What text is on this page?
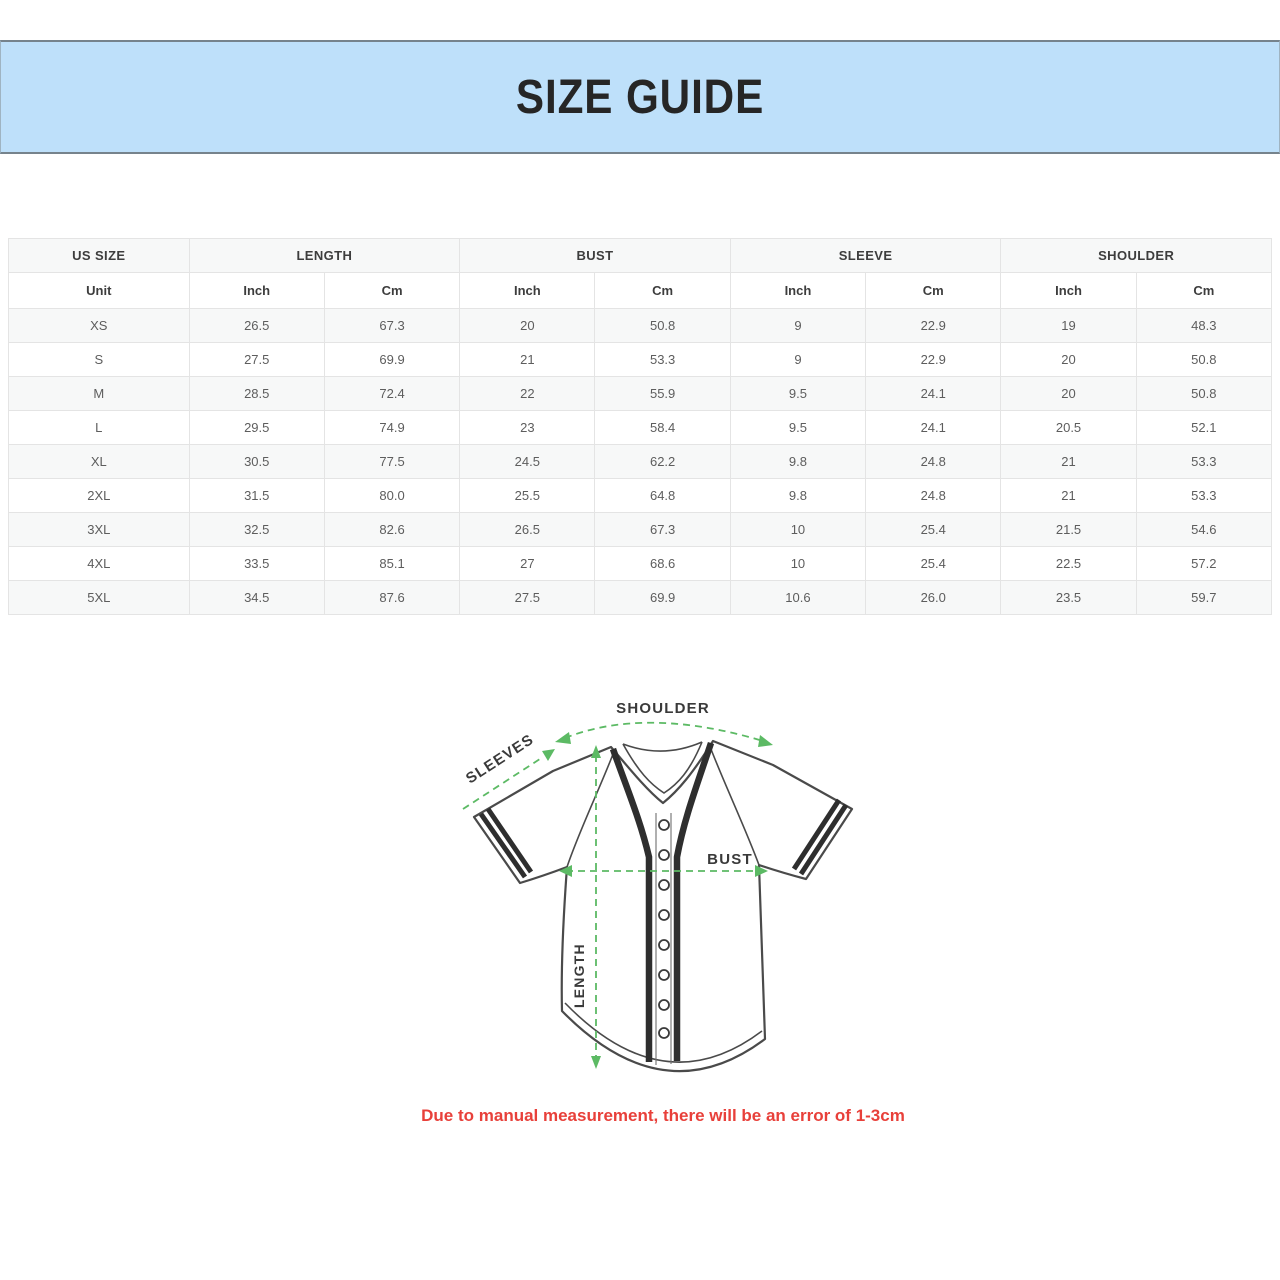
SIZE GUIDE
US SIZE	LENGTH		BUST		SLEEVE		SHOULDER	
Unit	Inch	Cm	Inch	Cm	Inch	Cm	Inch	Cm
XS	26.5	67.3	20	50.8	9	22.9	19	48.3
S	27.5	69.9	21	53.3	9	22.9	20	50.8
M	28.5	72.4	22	55.9	9.5	24.1	20	50.8
L	29.5	74.9	23	58.4	9.5	24.1	20.5	52.1
XL	30.5	77.5	24.5	62.2	9.8	24.8	21	53.3
2XL	31.5	80.0	25.5	64.8	9.8	24.8	21	53.3
3XL	32.5	82.6	26.5	67.3	10	25.4	21.5	54.6
4XL	33.5	85.1	27	68.6	10	25.4	22.5	57.2
5XL	34.5	87.6	27.5	69.9	10.6	26.0	23.5	59.7
SHOULDER
SLEEVES
BUST
LENGTH
Due to manual measurement, there will be an error of 1-3cm
